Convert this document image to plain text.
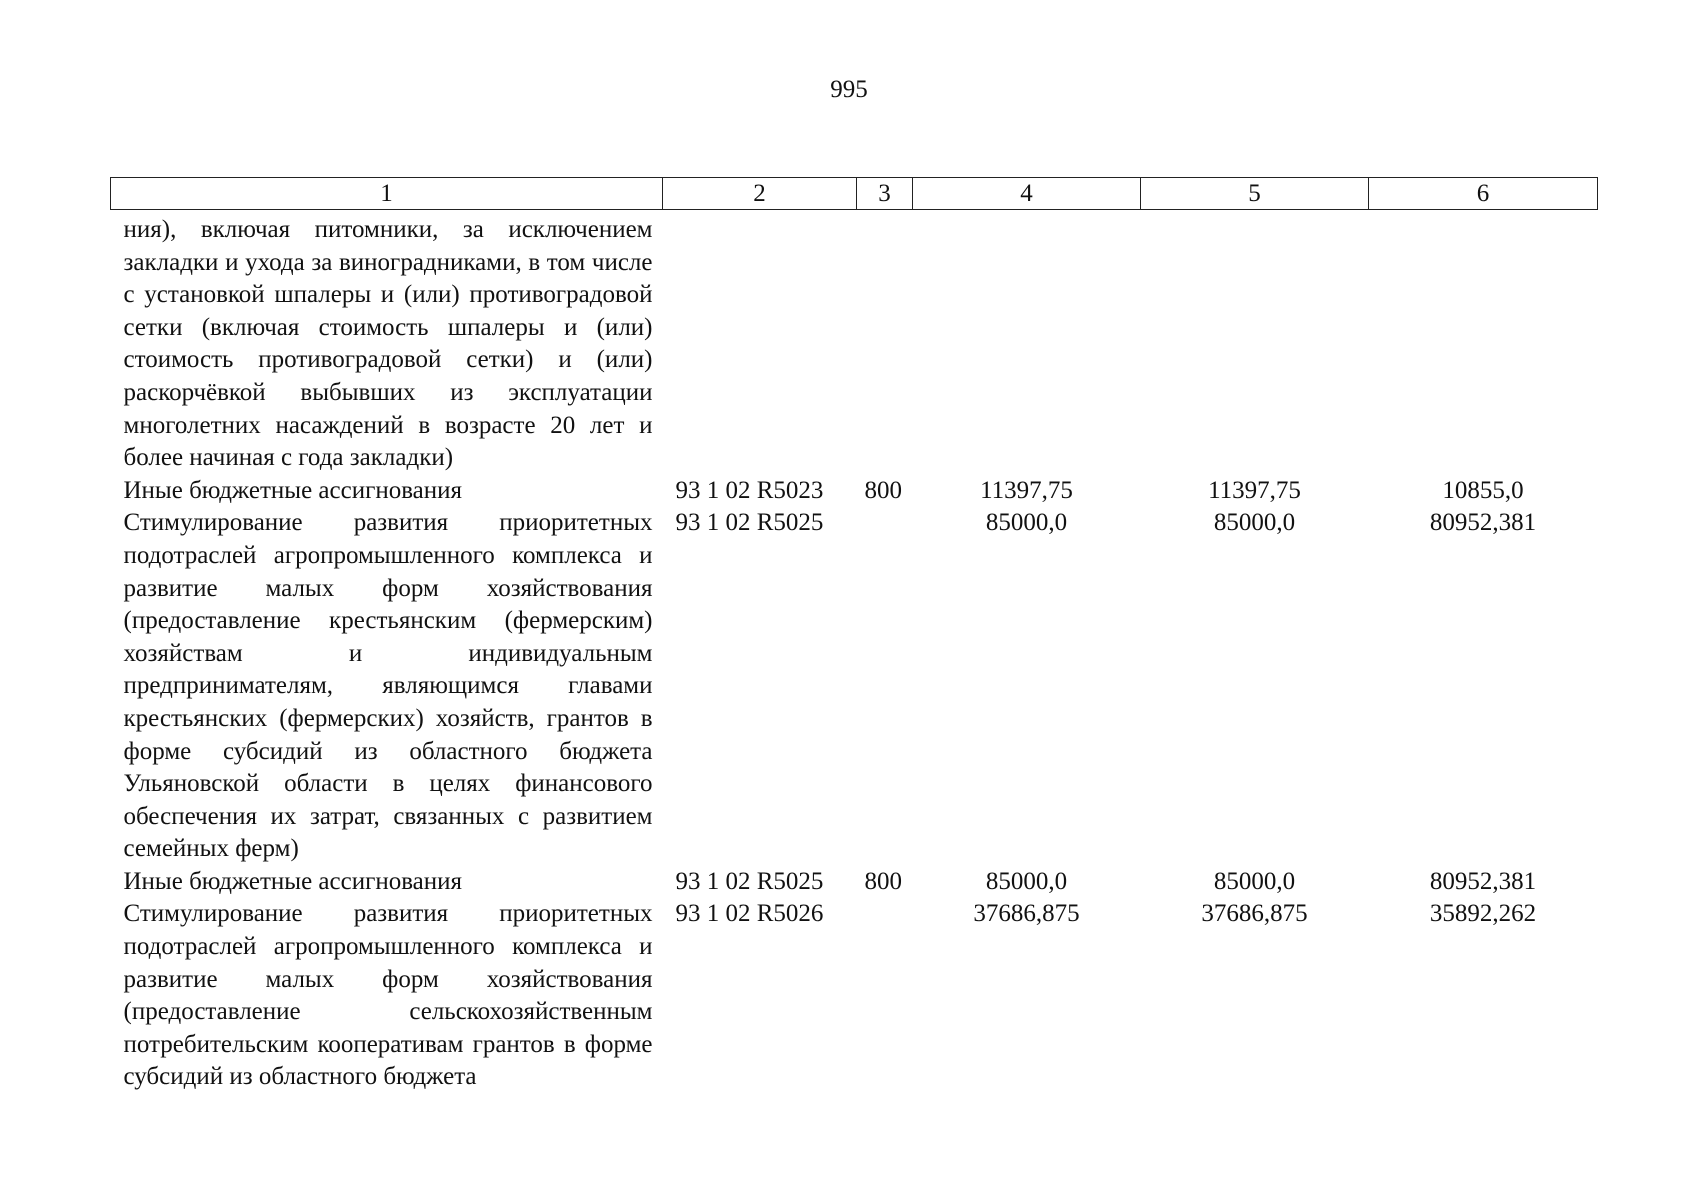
995
1	2	3	4	5	6
ния), включая питомники, за исключением закладки и ухода за виноградниками, в том числе с установкой шпалеры и (или) противоградовой сетки (включая стоимость шпалеры и (или) стоимость противоградовой сетки) и (или) раскорчёвкой выбывших из эксплуатации многолетних насаждений в возрасте 20 лет и более начиная с года закладки)					
Иные бюджетные ассигнования	93 1 02 R5023	800	11397,75	11397,75	10855,0
Стимулирование развития приоритетных подотраслей агропромышленного комплекса и развитие малых форм хозяйствования (предоставление крестьянским (фермерским) хозяйствам и индивидуальным предпринимателям, являющимся главами крестьянских (фермерских) хозяйств, грантов в форме субсидий из областного бюджета Ульяновской области в целях финансового обеспечения их затрат, связанных с развитием семейных ферм)	93 1 02 R5025		85000,0	85000,0	80952,381
Иные бюджетные ассигнования	93 1 02 R5025	800	85000,0	85000,0	80952,381
Стимулирование развития приоритетных подотраслей агропромышленного комплекса и развитие малых форм хозяйствования (предоставление сельскохозяйственным потребительским кооперативам грантов в форме субсидий из областного бюджета	93 1 02 R5026		37686,875	37686,875	35892,262
